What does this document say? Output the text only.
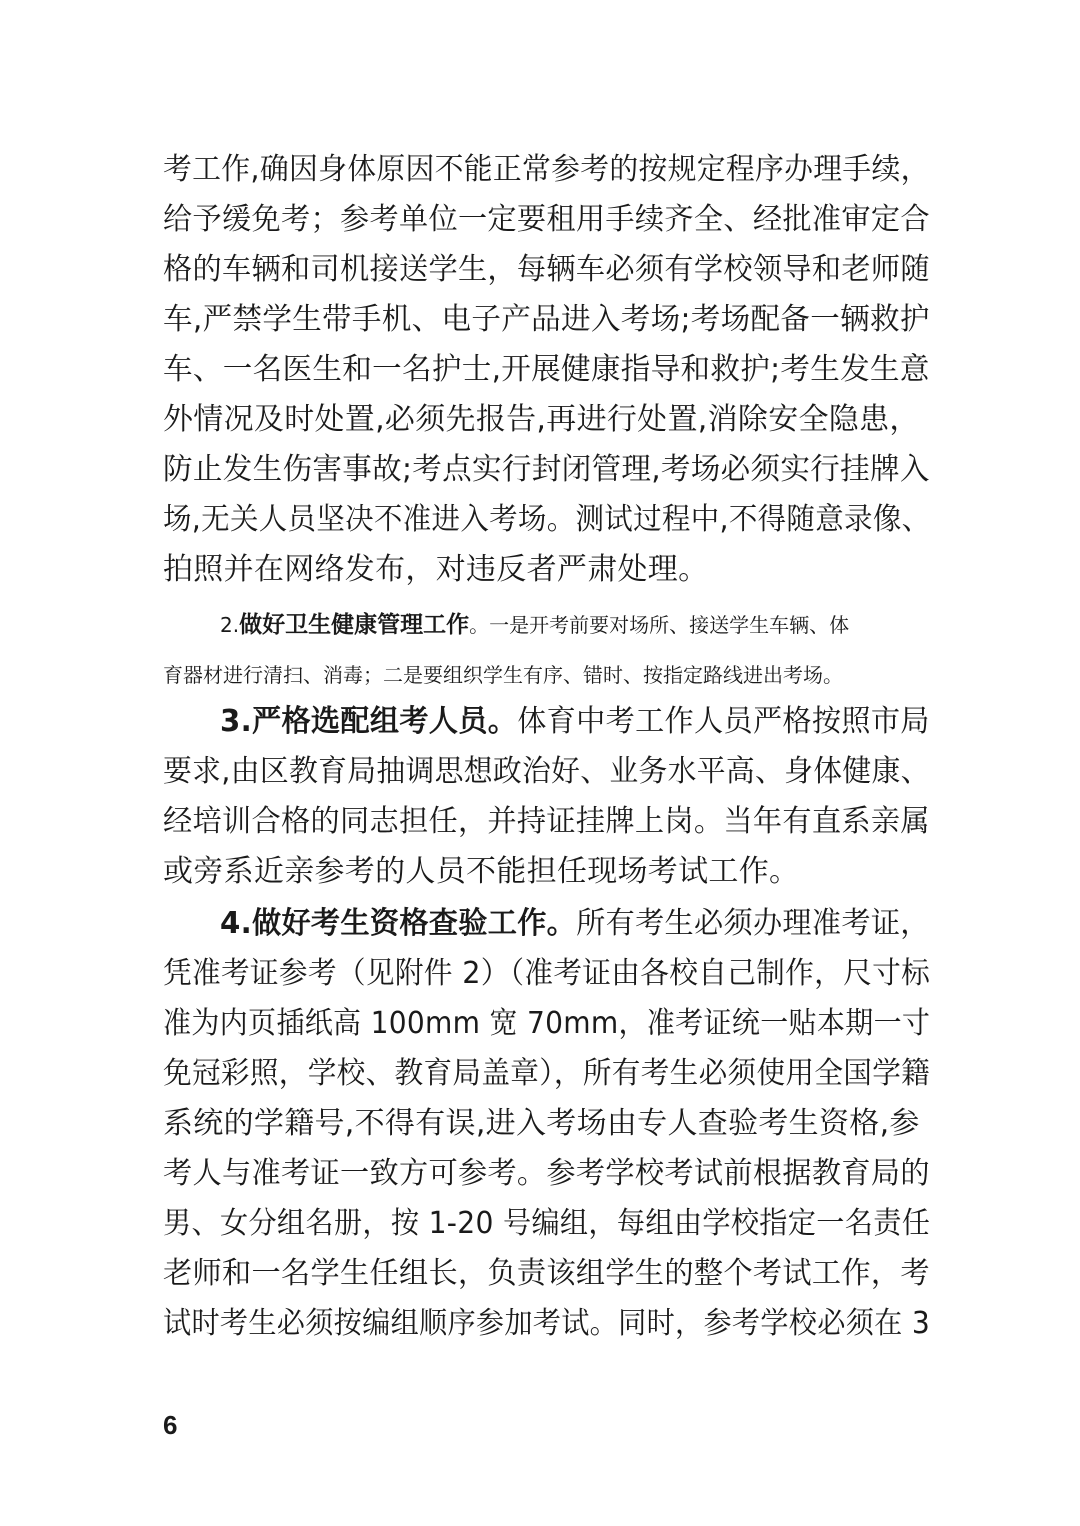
考工作,确因身体原因不能正常参考的按规定程序办理手续，
给予缓免考；参考单位一定要租用手续齐全、经批准审定合
格的车辆和司机接送学生，每辆车必须有学校领导和老师随
车,严禁学生带手机、电子产品进入考场;考场配备一辆救护
车、一名医生和一名护士,开展健康指导和救护;考生发生意
外情况及时处置,必须先报告,再进行处置,消除安全隐患，
防止发生伤害事故;考点实行封闭管理,考场必须实行挂牌入
场,无关人员坚决不准进入考场。测试过程中,不得随意录像、
拍照并在网络发布，对违反者严肃处理。
2.做好卫生健康管理工作。一是开考前要对场所、接送学生车辆、体
育器材进行清扫、消毒；二是要组织学生有序、错时、按指定路线进出考场。
3.严格选配组考人员。体育中考工作人员严格按照市局
要求,由区教育局抽调思想政治好、业务水平高、身体健康、
经培训合格的同志担任，并持证挂牌上岗。当年有直系亲属
或旁系近亲参考的人员不能担任现场考试工作。
4.做好考生资格查验工作。所有考生必须办理准考证，
凭准考证参考（见附件 2）（准考证由各校自己制作，尺寸标
准为内页插纸高 100mm 宽 70mm，准考证统一贴本期一寸
免冠彩照，学校、教育局盖章），所有考生必须使用全国学籍
系统的学籍号,不得有误,进入考场由专人查验考生资格,参
考人与准考证一致方可参考。参考学校考试前根据教育局的
男、女分组名册，按 1-20 号编组，每组由学校指定一名责任
老师和一名学生任组长，负责该组学生的整个考试工作，考
试时考生必须按编组顺序参加考试。同时，参考学校必须在 3
6
